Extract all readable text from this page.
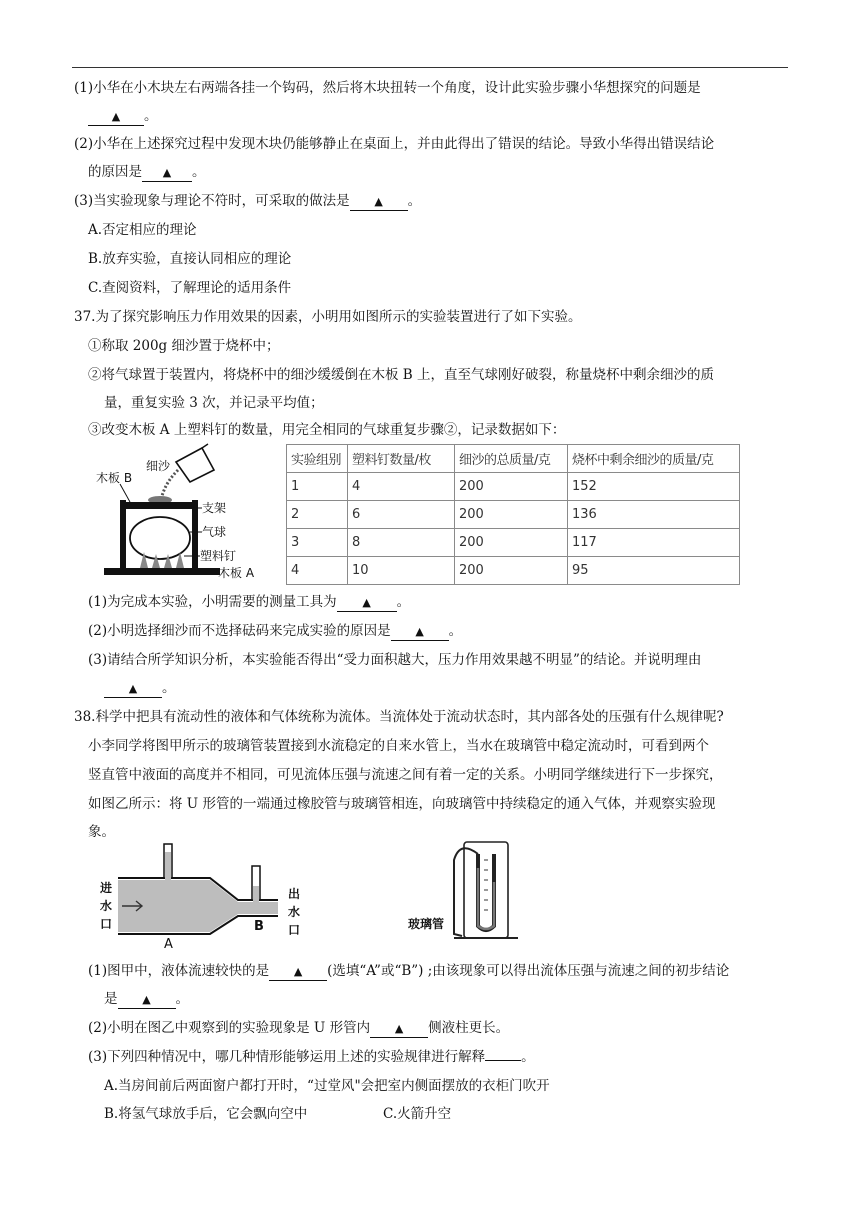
(1)小华在小木块左右两端各挂一个钩码，然后将木块扭转一个角度，设计此实验步骤小华想探究的问题是
▲ 。
(2)小华在上述探究过程中发现木块仍能够静止在桌面上，并由此得出了错误的结论。导致小华得出错误结论
的原因是 ▲ 。
(3)当实验现象与理论不符时，可采取的做法是 ▲ 。
A.否定相应的理论
B.放弃实验，直接认同相应的理论
C.查阅资料，了解理论的适用条件
37.为了探究影响压力作用效果的因素，小明用如图所示的实验装置进行了如下实验。
①称取 200g 细沙置于烧杯中；
②将气球置于装置内，将烧杯中的细沙缓缓倒在木板 B 上，直至气球刚好破裂，称量烧杯中剩余细沙的质
量，重复实验 3 次，并记录平均值；
③改变木板 A 上塑料钉的数量，用完全相同的气球重复步骤②，记录数据如下：
木板 B
细沙
支架
气球
塑料钉
木板 A
实验组别	塑料钉数量/枚	细沙的总质量/克	烧杯中剩余细沙的质量/克
1	4	200	152
2	6	200	136
3	8	200	117
4	10	200	95
(1)为完成本实验，小明需要的测量工具为 ▲ 。
(2)小明选择细沙而不选择砝码来完成实验的原因是 ▲ 。
(3)请结合所学知识分析，本实验能否得出“受力面积越大，压力作用效果越不明显”的结论。并说明理由
▲ 。
38.科学中把具有流动性的液体和气体统称为流体。当流体处于流动状态时，其内部各处的压强有什么规律呢?
小李同学将图甲所示的玻璃管装置接到水流稳定的自来水管上，当水在玻璃管中稳定流动时，可看到两个
竖直管中液面的高度并不相同，可见流体压强与流速之间有着一定的关系。小明同学继续进行下一步探究，
如图乙所示：将 U 形管的一端通过橡胶管与玻璃管相连，向玻璃管中持续稳定的通入气体，并观察实验现
象。
进
水
口
出
水
口
A
B	玻璃管
(1)图甲中，液体流速较快的是 ▲ (选填“A”或“B”) ;由该现象可以得出流体压强与流速之间的初步结论
是 ▲ 。
(2)小明在图乙中观察到的实验现象是 U 形管内 ▲ 侧液柱更长。
(3)下列四种情况中，哪几种情形能够运用上述的实验规律进行解释	。
A.当房间前后两面窗户都打开时，“过堂风"会把室内侧面摆放的衣柜门吹开
B.将氢气球放手后，它会飘向空中	C.火箭升空
